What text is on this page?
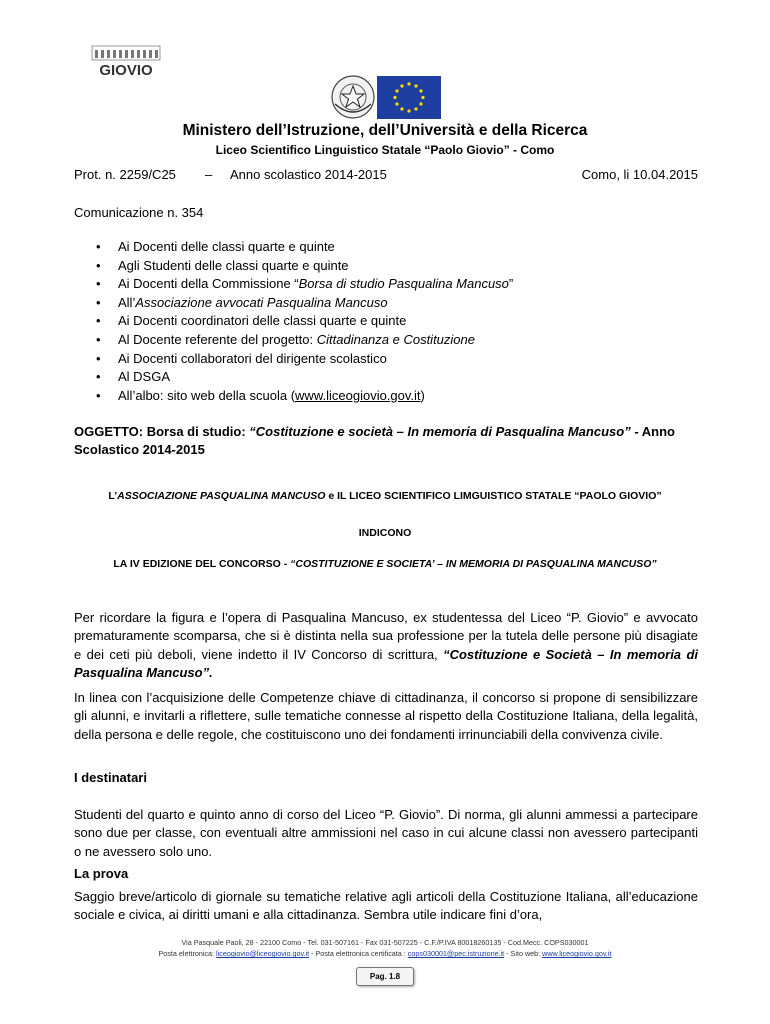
GIOVIO
Ministero dell’Istruzione, dell’Università e della Ricerca
Liceo Scientifico Linguistico Statale “Paolo Giovio” - Como
Prot. n. 2259/C25 – Anno scolastico 2014-2015	Como, li 10.04.2015
Comunicazione n. 354
• Ai Docenti delle classi quarte e quinte
• Agli Studenti delle classi quarte e quinte
• Ai Docenti della Commissione “Borsa di studio Pasqualina Mancuso”
• All’Associazione avvocati Pasqualina Mancuso
• Ai Docenti coordinatori delle classi quarte e quinte
• Al Docente referente del progetto: Cittadinanza e Costituzione
• Ai Docenti collaboratori del dirigente scolastico
• Al DSGA
• All’albo: sito web della scuola (www.liceogiovio.gov.it)
OGGETTO: Borsa di studio: “Costituzione e società – In memoria di Pasqualina Mancuso” - Anno Scolastico 2014-2015
L’ASSOCIAZIONE PASQUALINA MANCUSO e IL LICEO SCIENTIFICO LIMGUISTICO STATALE “PAOLO GIOVIO”
INDICONO
LA IV EDIZIONE DEL CONCORSO - “COSTITUZIONE E SOCIETA’ – IN MEMORIA DI PASQUALINA MANCUSO”
Per ricordare la figura e l’opera di Pasqualina Mancuso, ex studentessa del Liceo “P. Giovio” e avvocato prematuramente scomparsa, che si è distinta nella sua professione per la tutela delle persone più disagiate e dei ceti più deboli, viene indetto il IV Concorso di scrittura, “Costituzione e Società – In memoria di Pasqualina Mancuso”.
In linea con l’acquisizione delle Competenze chiave di cittadinanza, il concorso si propone di sensibilizzare gli alunni, e invitarli a riflettere, sulle tematiche connesse al rispetto della Costituzione Italiana, della legalità, della persona e delle regole, che costituiscono uno dei fondamenti irrinunciabili della convivenza civile.
I destinatari
Studenti del quarto e quinto anno di corso del Liceo “P. Giovio”. Di norma, gli alunni ammessi a partecipare sono due per classe, con eventuali altre ammissioni nel caso in cui alcune classi non avessero partecipanti o ne avessero solo uno.
La prova
Saggio breve/articolo di giornale su tematiche relative agli articoli della Costituzione Italiana, all’educazione sociale e civica, ai diritti umani e alla cittadinanza. Sembra utile indicare fini d’ora,
Via Pasquale Paoli, 28 - 22100 Como - Tel. 031-507161 - Fax 031-507225 - C.F./P.IVA 80018260135 - Cod.Mecc. COPS030001
Posta elettronica: liceogiovio@liceogiovio.gov.it - Posta elettronica certificata : cops030001@pec.istruzione.it - Sito web: www.liceogiovio.gov.it
Pag. 1.8
